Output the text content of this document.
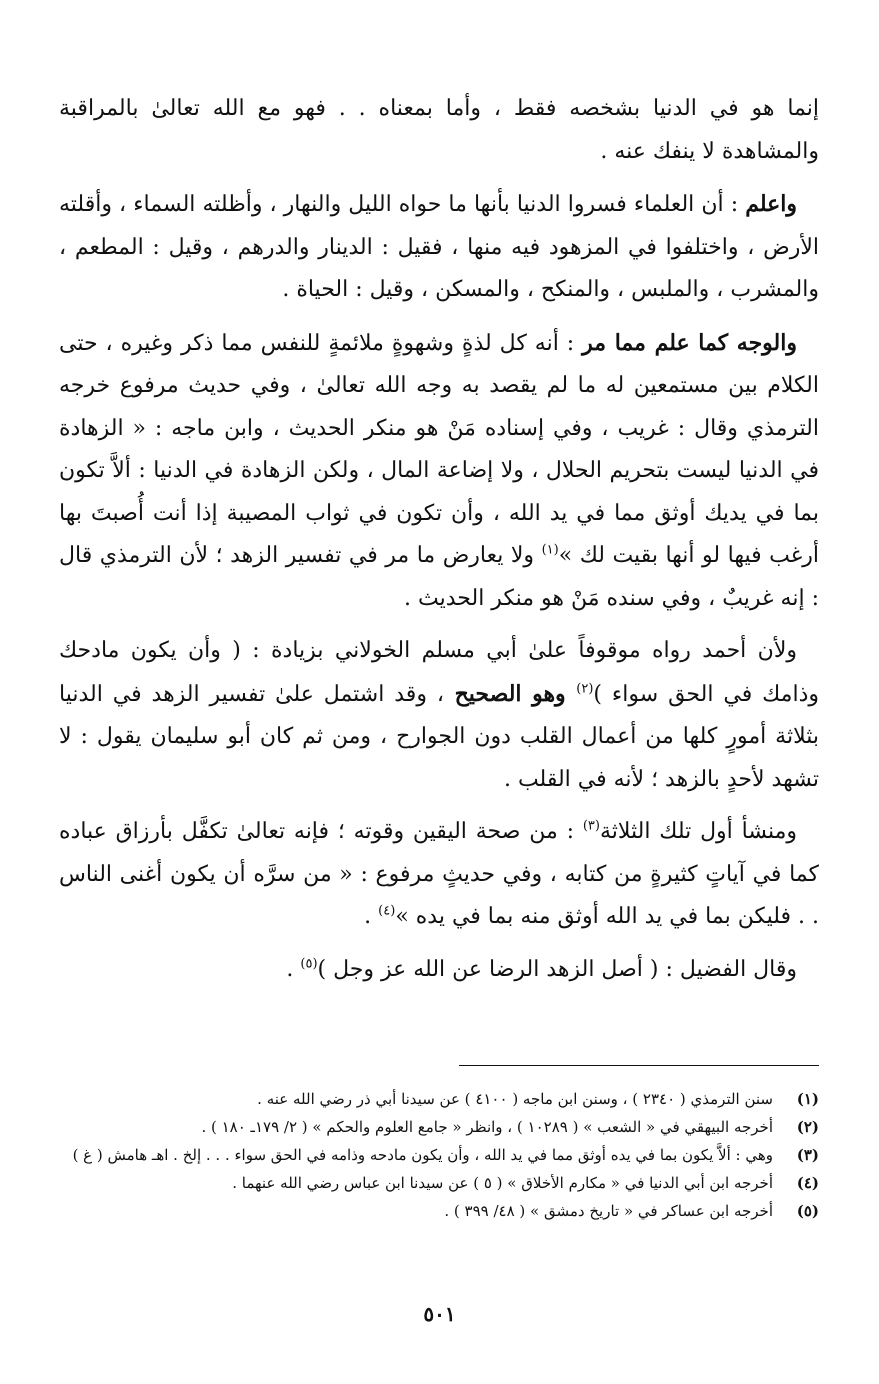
إنما هو في الدنيا بشخصه فقط ، وأما بمعناه . . فهو مع الله تعالىٰ بالمراقبة والمشاهدة لا ينفك عنه .

واعلم : أن العلماء فسروا الدنيا بأنها ما حواه الليل والنهار ، وأظلته السماء ، وأقلته الأرض ، واختلفوا في المزهود فيه منها ، فقيل : الدينار والدرهم ، وقيل : المطعم ، والمشرب ، والملبس ، والمنكح ، والمسكن ، وقيل : الحياة .

والوجه كما علم مما مر : أنه كل لذةٍ وشهوةٍ ملائمةٍ للنفس مما ذكر وغيره ، حتى الكلام بين مستمعين له ما لم يقصد به وجه الله تعالىٰ ، وفي حديث مرفوع خرجه الترمذي وقال : غريب ، وفي إسناده مَنْ هو منكر الحديث ، وابن ماجه : « الزهادة في الدنيا ليست بتحريم الحلال ، ولا إضاعة المال ، ولكن الزهادة في الدنيا : ألاَّ تكون بما في يديك أوثق مما في يد الله ، وأن تكون في ثواب المصيبة إذا أنت أُصبتَ بها أرغب فيها لو أنها بقيت لك »$^{(١)}$ ولا يعارض ما مر في تفسير الزهد ؛ لأن الترمذي قال : إنه غريبٌ ، وفي سنده مَنْ هو منكر الحديث .

ولأن أحمد رواه موقوفاً علىٰ أبي مسلم الخولاني بزيادة : ( وأن يكون مادحك وذامك في الحق سواء )$^{(٢)}$ وهو الصحيح ، وقد اشتمل علىٰ تفسير الزهد في الدنيا بثلاثة أمورٍ كلها من أعمال القلب دون الجوارح ، ومن ثم كان أبو سليمان يقول : لا تشهد لأحدٍ بالزهد ؛ لأنه في القلب .

ومنشأ أول تلك الثلاثة$^{(٣)}$ : من صحة اليقين وقوته ؛ فإنه تعالىٰ تكفَّل بأرزاق عباده كما في آياتٍ كثيرةٍ من كتابه ، وفي حديثٍ مرفوع : « من سرَّه أن يكون أغنى الناس . . فليكن بما في يد الله أوثق منه بما في يده »$^{(٤)}$ .

وقال الفضيل : ( أصل الزهد الرضا عن الله عز وجل )$^{(٥)}$ .

(١)
سنن الترمذي ( ٢٣٤٠ ) ، وسنن ابن ماجه ( ٤١٠٠ ) عن سيدنا أبي ذر رضي الله عنه .
(٢)
أخرجه البيهقي في « الشعب » ( ١٠٢٨٩ ) ، وانظر « جامع العلوم والحكم » ( ٢/ ١٧٩ـ ١٨٠ ) .
(٣)
وهي : ألاَّ يكون بما في يده أوثق مما في يد الله ، وأن يكون مادحه وذامه في الحق سواء . . . إلخ . اهـ هامش ( غ )
(٤)
أخرجه ابن أبي الدنيا في « مكارم الأخلاق » ( ٥ ) عن سيدنا ابن عباس رضي الله عنهما .
(٥)
أخرجه ابن عساكر في « تاريخ دمشق » ( ٤٨/ ٣٩٩ ) .
٥٠١
